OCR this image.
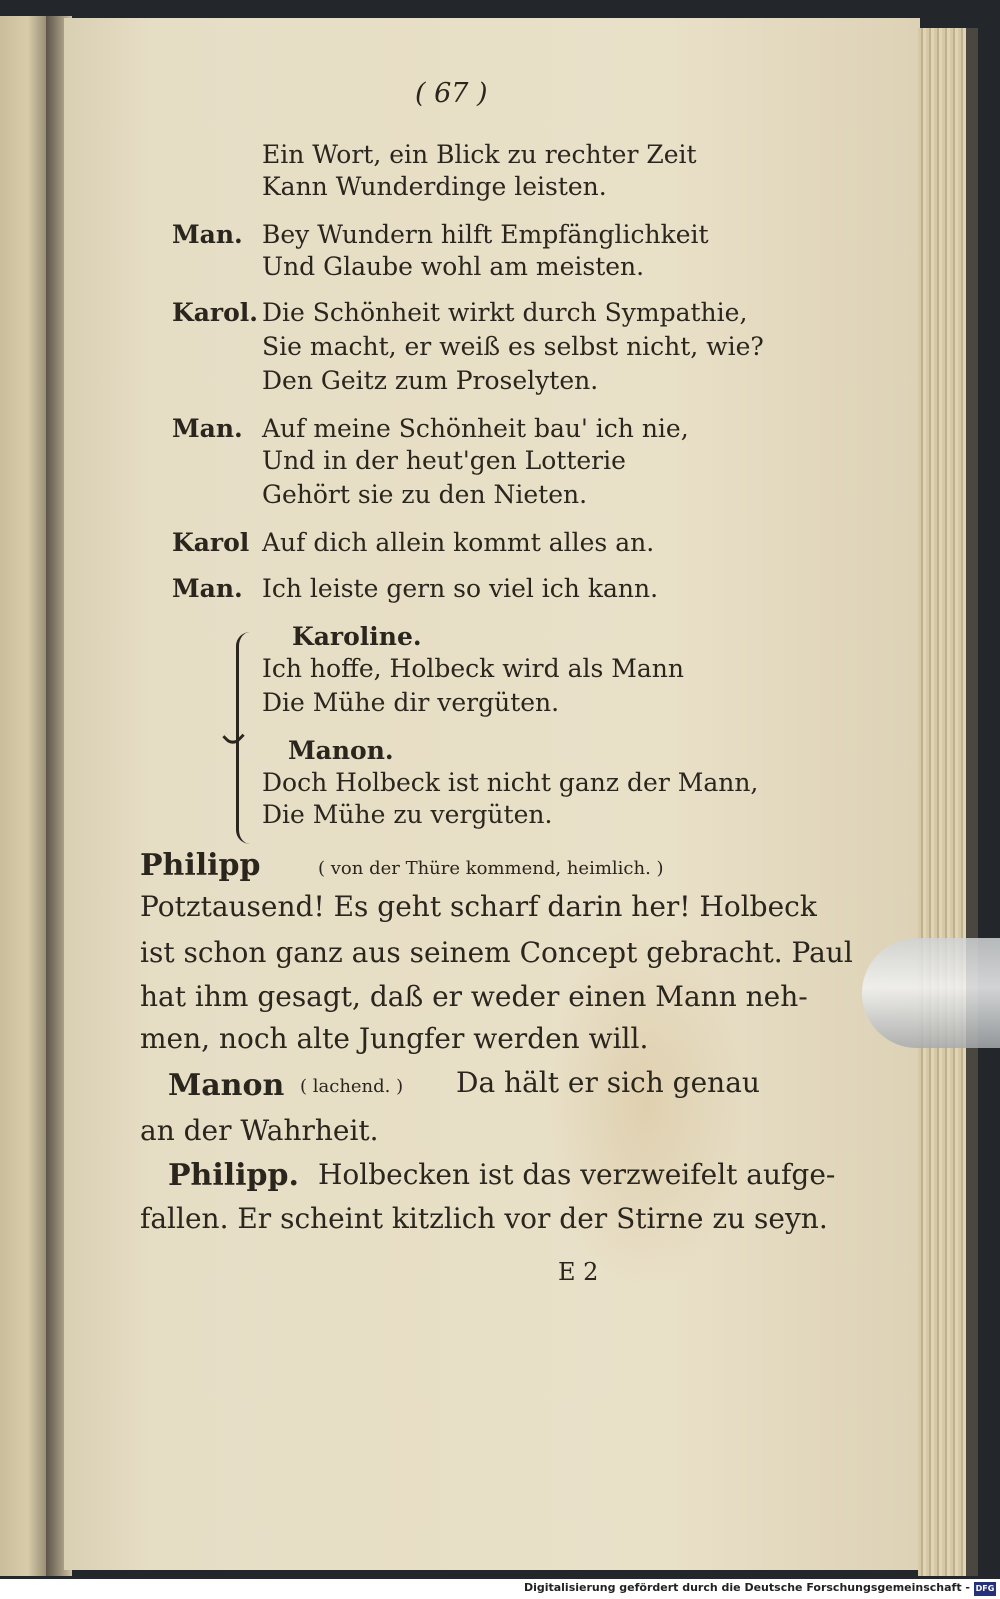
( 67 )
Ein Wort, ein Blick zu rechter Zeit
Kann Wunderdinge leisten.
Man. Bey Wundern hilft Empfänglichkeit
Und Glaube wohl am meisten.
Karol. Die Schönheit wirkt durch Sympathie,
Sie macht, er weiß es selbst nicht, wie?
Den Geitz zum Proselyten.
Man. Auf meine Schönheit bau' ich nie,
Und in der heut'gen Lotterie
Gehört sie zu den Nieten.
Karol Auf dich allein kommt alles an.
Man. Ich leiste gern so viel ich kann.
Karoline.
Ich hoffe, Holbeck wird als Mann
Die Mühe dir vergüten.
Manon.
Doch Holbeck ist nicht ganz der Mann,
Die Mühe zu vergüten.
Philipp	( von der Thüre kommend, heimlich. )
Potztausend! Es geht scharf darin her! Holbeck
ist schon ganz aus seinem Concept gebracht. Paul
hat ihm gesagt, daß er weder einen Mann neh-
men, noch alte Jungfer werden will.
Manon ( lachend. ) Da hält er sich genau
an der Wahrheit.
Philipp. Holbecken ist das verzweifelt aufge-
fallen. Er scheint kitzlich vor der Stirne zu seyn.
E 2
Digitalisierung gefördert durch die Deutsche Forschungsgemeinschaft - DFG
